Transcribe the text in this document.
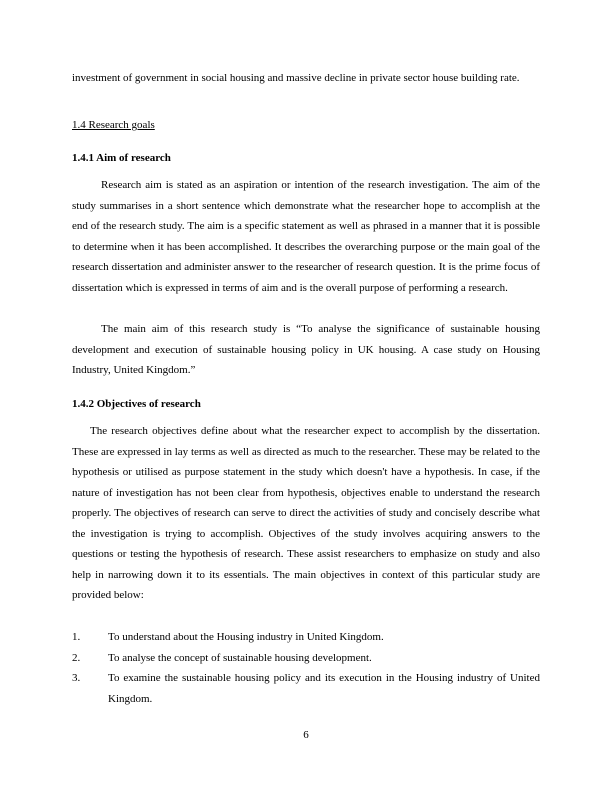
investment of government in social housing and massive decline in private sector house building rate.

1.4 Research goals

1.4.1 Aim of research

Research aim is stated as an aspiration or intention of the research investigation. The aim of the study summarises in a short sentence which demonstrate what the researcher hope to accomplish at the end of the research study. The aim is a specific statement as well as phrased in a manner that it is possible to determine when it has been accomplished. It describes the overarching purpose or the main goal of the research dissertation and administer answer to the researcher of research question. It is the prime focus of dissertation which is expressed in terms of aim and is the overall purpose of performing a research.

The main aim of this research study is “To analyse the significance of sustainable housing development and execution of sustainable housing policy in UK housing. A case study on Housing Industry, United Kingdom.”

1.4.2 Objectives of research

The research objectives define about what the researcher expect to accomplish by the dissertation. These are expressed in lay terms as well as directed as much to the researcher. These may be related to the hypothesis or utilised as purpose statement in the study which doesn't have a hypothesis. In case, if the nature of investigation has not been clear from hypothesis, objectives enable to understand the research properly. The objectives of research can serve to direct the activities of study and concisely describe what the investigation is trying to accomplish. Objectives of the study involves acquiring answers to the questions or testing the hypothesis of research. These assist researchers to emphasize on study and also help in narrowing down it to its essentials. The main objectives in context of this particular study are provided below:

1.	To understand about the Housing industry in United Kingdom.
2.	To analyse the concept of sustainable housing development.
3.	To examine the sustainable housing policy and its execution in the Housing industry of United Kingdom.
6
